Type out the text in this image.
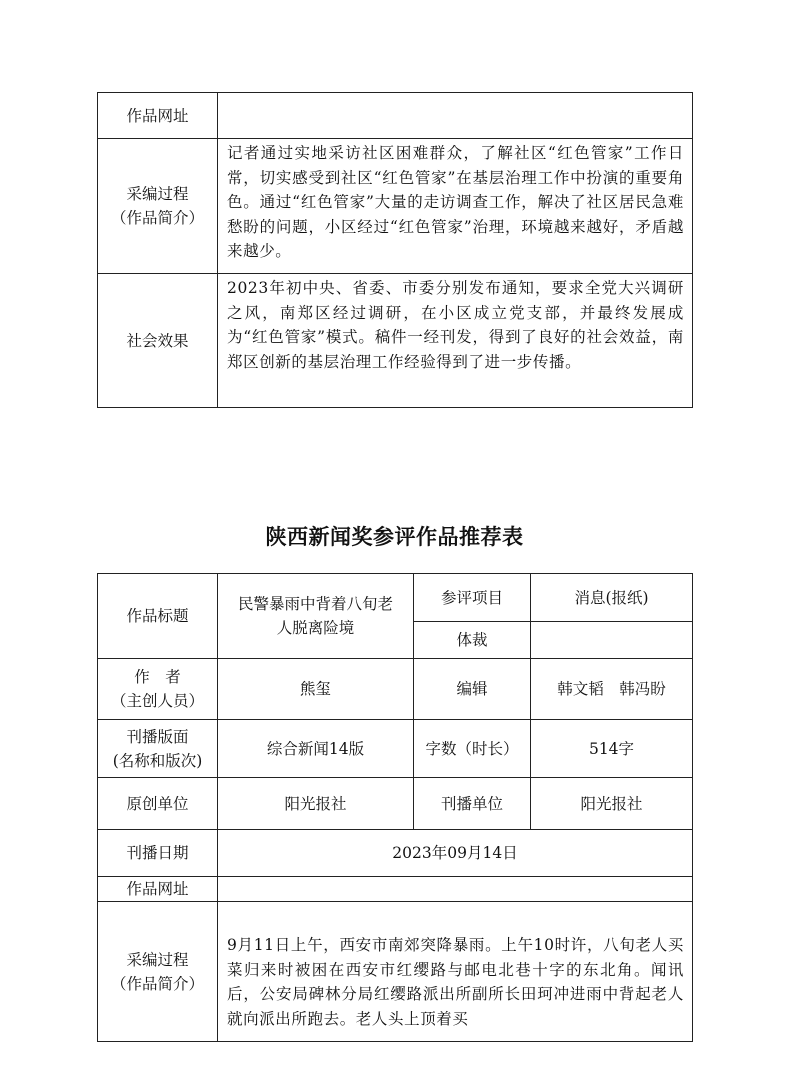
作品网址	

采编过程
（作品简介）	记者通过实地采访社区困难群众，了解社区“红色管家”工作日常，切实感受到社区“红色管家”在基层治理工作中扮演的重要角色。通过“红色管家”大量的走访调查工作，解决了社区居民急难愁盼的问题，小区经过“红色管家”治理，环境越来越好，矛盾越来越少。
社会效果	2023年初中央、省委、市委分别发布通知，要求全党大兴调研之风，南郑区经过调研，在小区成立党支部，并最终发展成为“红色管家”模式。稿件一经刊发，得到了良好的社会效益，南郑区创新的基层治理工作经验得到了进一步传播。
陕西新闻奖参评作品推荐表
作品标题	民警暴雨中背着八旬老人脱离险境	参评项目	消息(报纸)
		体裁	

作　者
（主创人员）	熊玺	编辑	韩文韬　韩冯盼

刊播版面
(名称和版次)	综合新闻14版	字数（时长）	514字
原创单位	阳光报社	刊播单位	阳光报社
刊播日期	2023年09月14日		
作品网址			

采编过程
（作品简介）	9月11日上午，西安市南郊突降暴雨。上午10时许，八旬老人买菜归来时被困在西安市红缨路与邮电北巷十字的东北角。闻讯后，公安局碑林分局红缨路派出所副所长田珂冲进雨中背起老人就向派出所跑去。老人头上顶着买		
